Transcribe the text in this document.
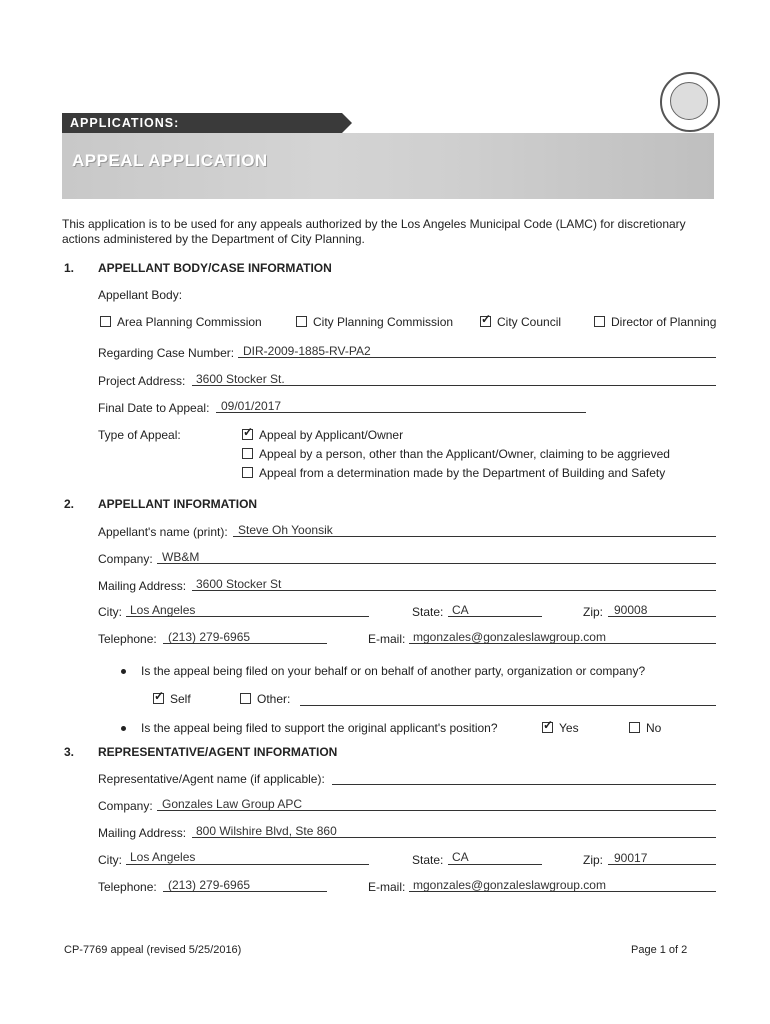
APPLICATIONS:
APPEAL APPLICATION
This application is to be used for any appeals authorized by the Los Angeles Municipal Code (LAMC) for discretionary actions administered by the Department of City Planning.
1. APPELLANT BODY/CASE INFORMATION
Appellant Body:
Area Planning Commission	City Planning Commission ✓	City Council	Director of Planning
Regarding Case Number: DIR-2009-1885-RV-PA2
Project Address: 3600 Stocker St.
Final Date to Appeal: 09/01/2017
Type of Appeal: ✓	Appeal by Applicant/Owner
Appeal by a person, other than the Applicant/Owner, claiming to be aggrieved
Appeal from a determination made by the Department of Building and Safety
2. APPELLANT INFORMATION
Appellant's name (print): Steve Oh Yoonsik
Company: WB&M
Mailing Address: 3600 Stocker St
City: Los Angeles	State: CA	Zip: 90008
Telephone: (213) 279-6965	E-mail: mgonzales@gonzaleslawgroup.com
Is the appeal being filed on your behalf or on behalf of another party, organization or company?
✓Self	Other:
Is the appeal being filed to support the original applicant's position? ✓	Yes	No
3. REPRESENTATIVE/AGENT INFORMATION
Representative/Agent name (if applicable):
Company: Gonzales Law Group APC
Mailing Address: 800 Wilshire Blvd, Ste 860
City: Los Angeles	State: CA	Zip: 90017
Telephone: (213) 279-6965	E-mail: mgonzales@gonzaleslawgroup.com
CP-7769 appeal (revised 5/25/2016)	Page 1 of 2
